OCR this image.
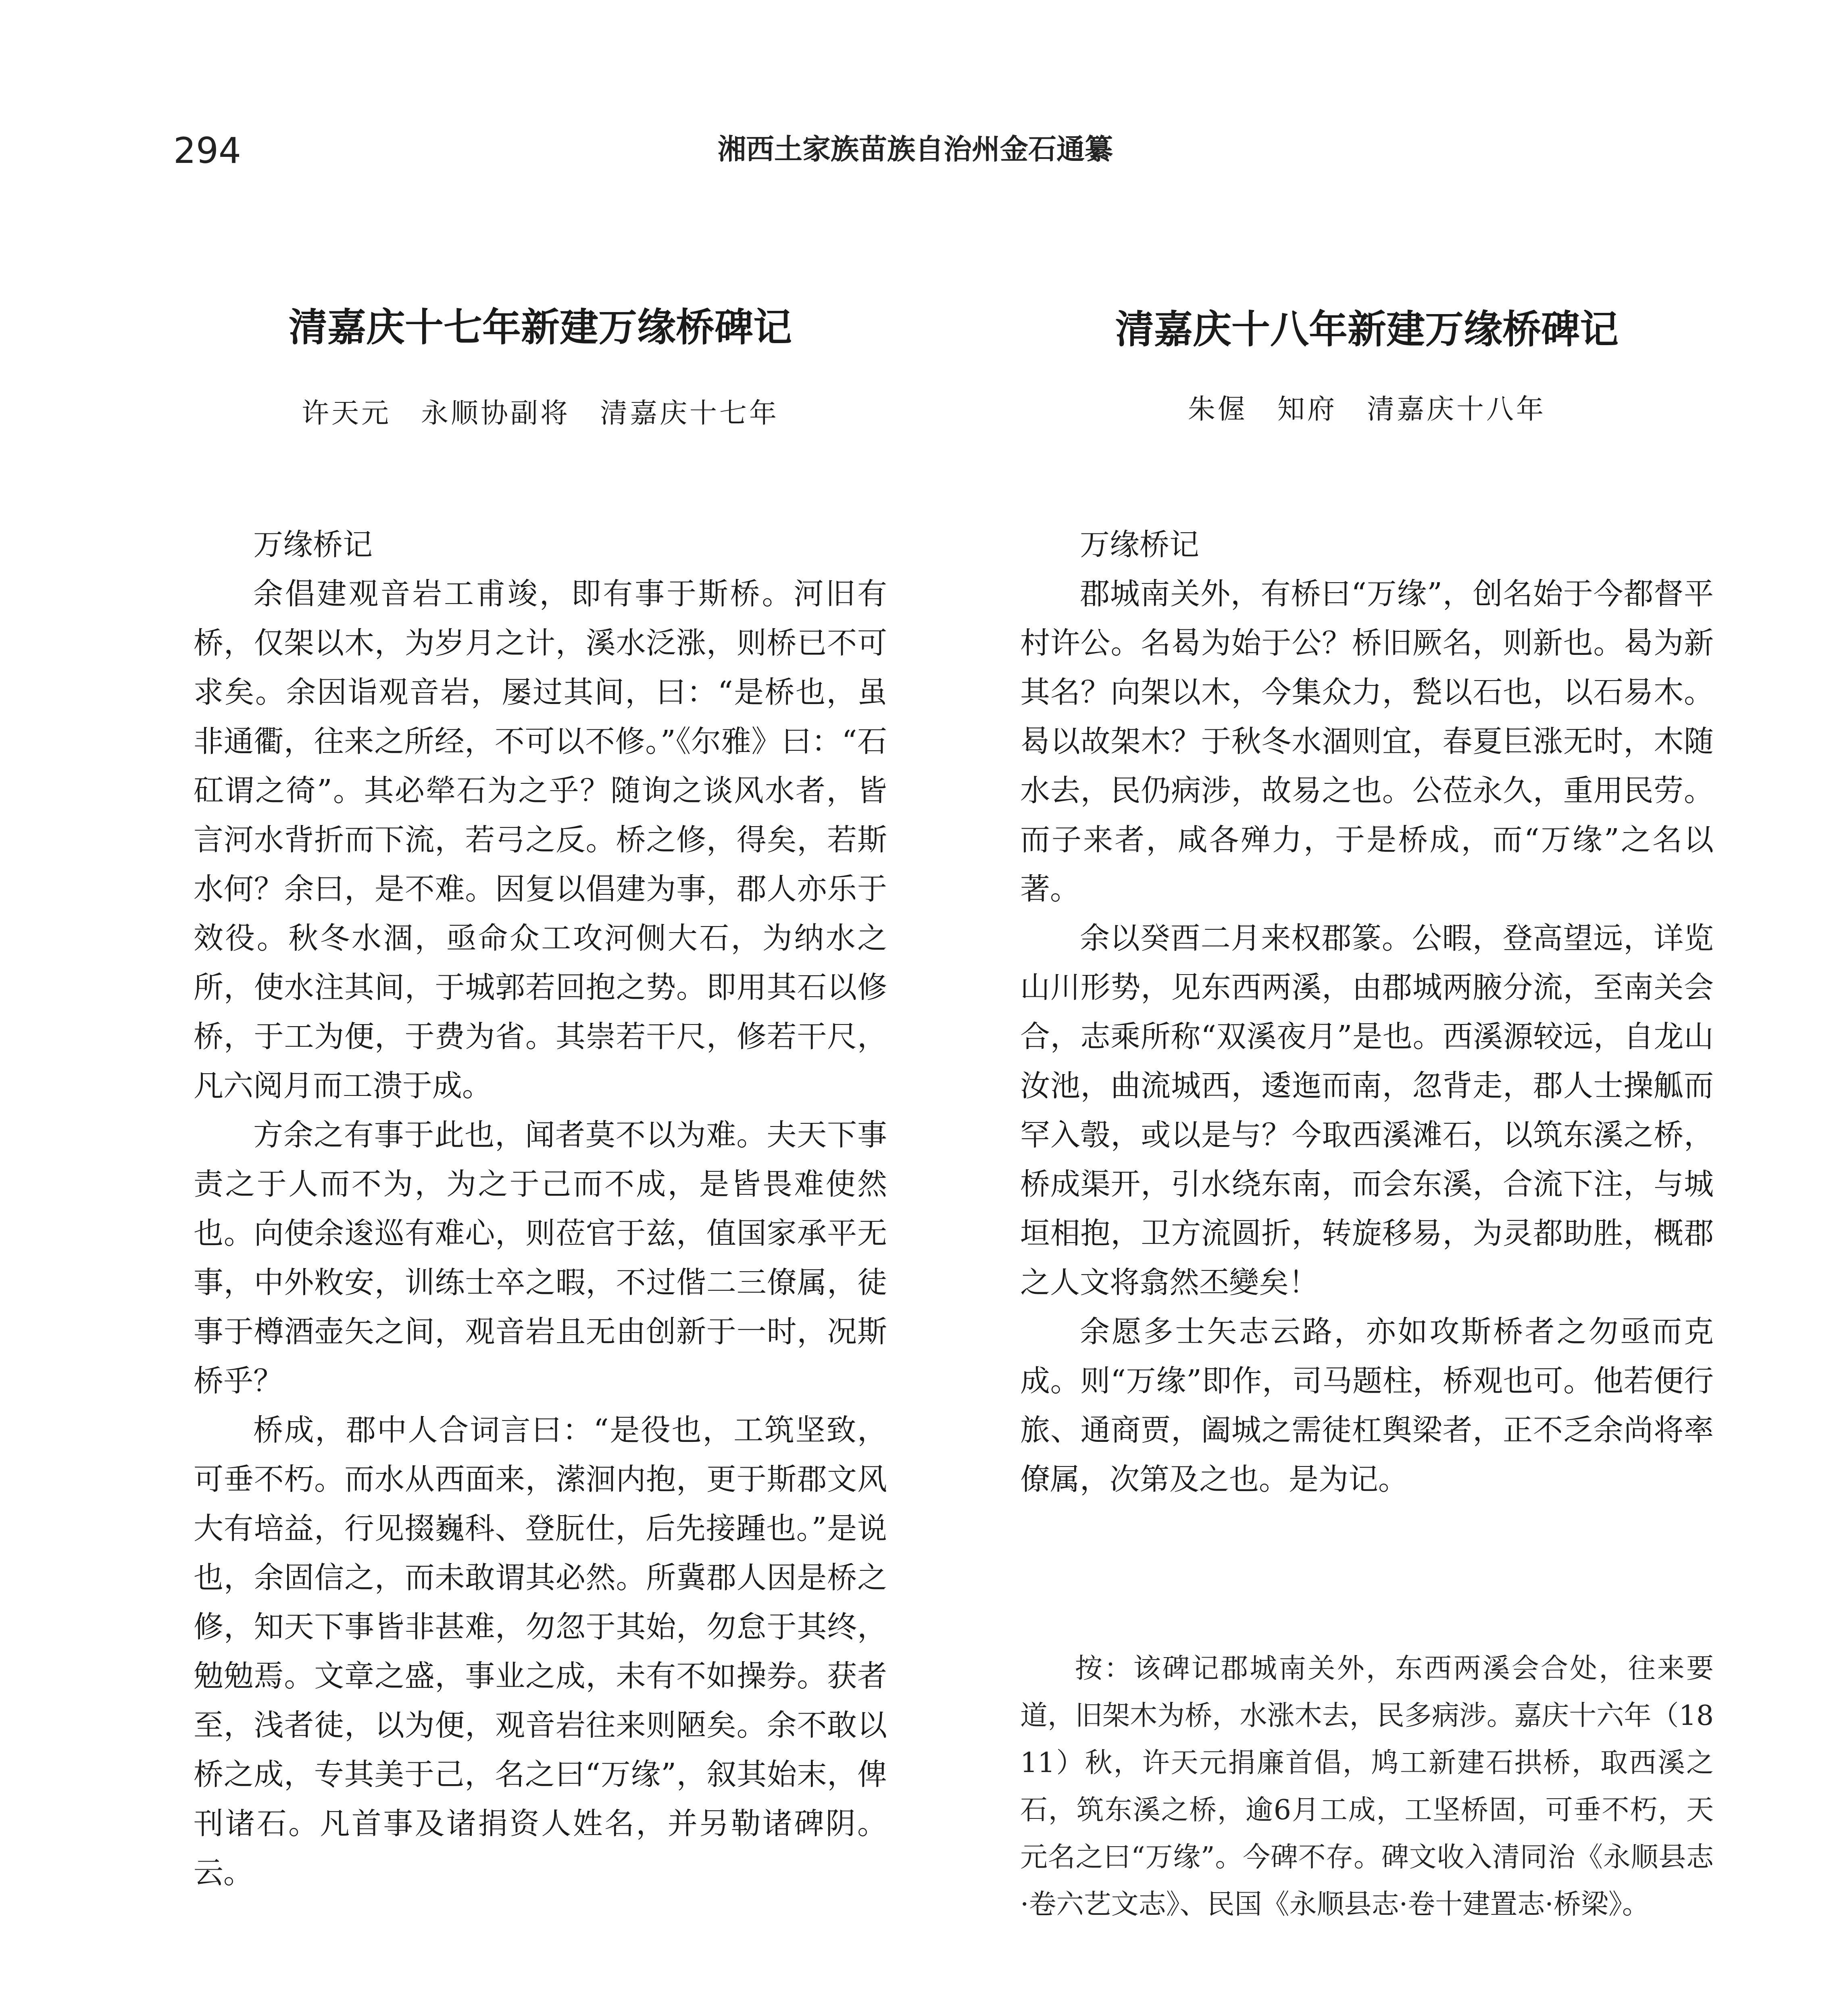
294	湘西土家族苗族自治州金石通纂
清嘉庆十七年新建万缘桥碑记
许天元　永顺协副将　清嘉庆十七年

万缘桥记

余倡建观音岩工甫竣，即有事于斯桥。河旧有桥，仅架以木，为岁月之计，溪水泛涨，则桥已不可求矣。余因诣观音岩，屡过其间，曰：“是桥也，虽非通衢，往来之所经，不可以不修。”《尔雅》曰：“石矼谓之徛”。其必犖石为之乎？随询之谈风水者，皆言河水背折而下流，若弓之反。桥之修，得矣，若斯水何？余曰，是不难。因复以倡建为事，郡人亦乐于效役。秋冬水涸，亟命众工攻河侧大石，为纳水之所，使水注其间，于城郭若回抱之势。即用其石以修桥，于工为便，于费为省。其崇若干尺，修若干尺，凡六阅月而工溃于成。

方余之有事于此也，闻者莫不以为难。夫天下事责之于人而不为，为之于己而不成，是皆畏难使然也。向使余逡巡有难心，则莅官于兹，值国家承平无事，中外敉安，训练士卒之暇，不过偕二三僚属，徒事于樽酒壶矢之间，观音岩且无由创新于一时，况斯桥乎？

桥成，郡中人合词言曰：“是役也，工筑坚致，可垂不朽。而水从西面来，潆洄内抱，更于斯郡文风大有培益，行见掇巍科、登朊仕，后先接踵也。”是说也，余固信之，而未敢谓其必然。所冀郡人因是桥之修，知天下事皆非甚难，勿忽于其始，勿怠于其终，勉勉焉。文章之盛，事业之成，未有不如操券。获者至，浅者徒，以为便，观音岩往来则陋矣。余不敢以桥之成，专其美于己，名之曰“万缘”，叙其始末，俾刊诸石。凡首事及诸捐资人姓名，并另勒诸碑阴。云。

清嘉庆十八年新建万缘桥碑记
朱偓　知府　清嘉庆十八年

万缘桥记

郡城南关外，有桥曰“万缘”，创名始于今都督平村许公。名曷为始于公？桥旧厥名，则新也。曷为新其名？向架以木，今集众力，甃以石也，以石易木。曷以故架木？于秋冬水涸则宜，春夏巨涨无时，木随水去，民仍病涉，故易之也。公莅永久，重用民劳。而子来者，咸各殚力，于是桥成，而“万缘”之名以著。

余以癸酉二月来权郡篆。公暇，登高望远，详览山川形势，见东西两溪，由郡城两腋分流，至南关会合，志乘所称“双溪夜月”是也。西溪源较远，自龙山汝池，曲流城西，逶迤而南，忽背走，郡人士操觚而罕入彀，或以是与？今取西溪滩石，以筑东溪之桥，桥成渠开，引水绕东南，而会东溪，合流下注，与城垣相抱，卫方流圆折，转旋移易，为灵都助胜，概郡之人文将翕然丕變矣！

余愿多士矢志云路，亦如攻斯桥者之勿亟而克成。则“万缘”即作，司马题柱，桥观也可。他若便行旅、通商贾，阖城之需徒杠舆梁者，正不乏余尚将率僚属，次第及之也。是为记。

按：该碑记郡城南关外，东西两溪会合处，往来要道，旧架木为桥，水涨木去，民多病涉。嘉庆十六年（1811）秋，许天元捐廉首倡，鸠工新建石拱桥，取西溪之石，筑东溪之桥，逾6月工成，工坚桥固，可垂不朽，天元名之曰“万缘”。今碑不存。碑文收入清同治《永顺县志·卷六艺文志》、民国《永顺县志·卷十建置志·桥梁》。
